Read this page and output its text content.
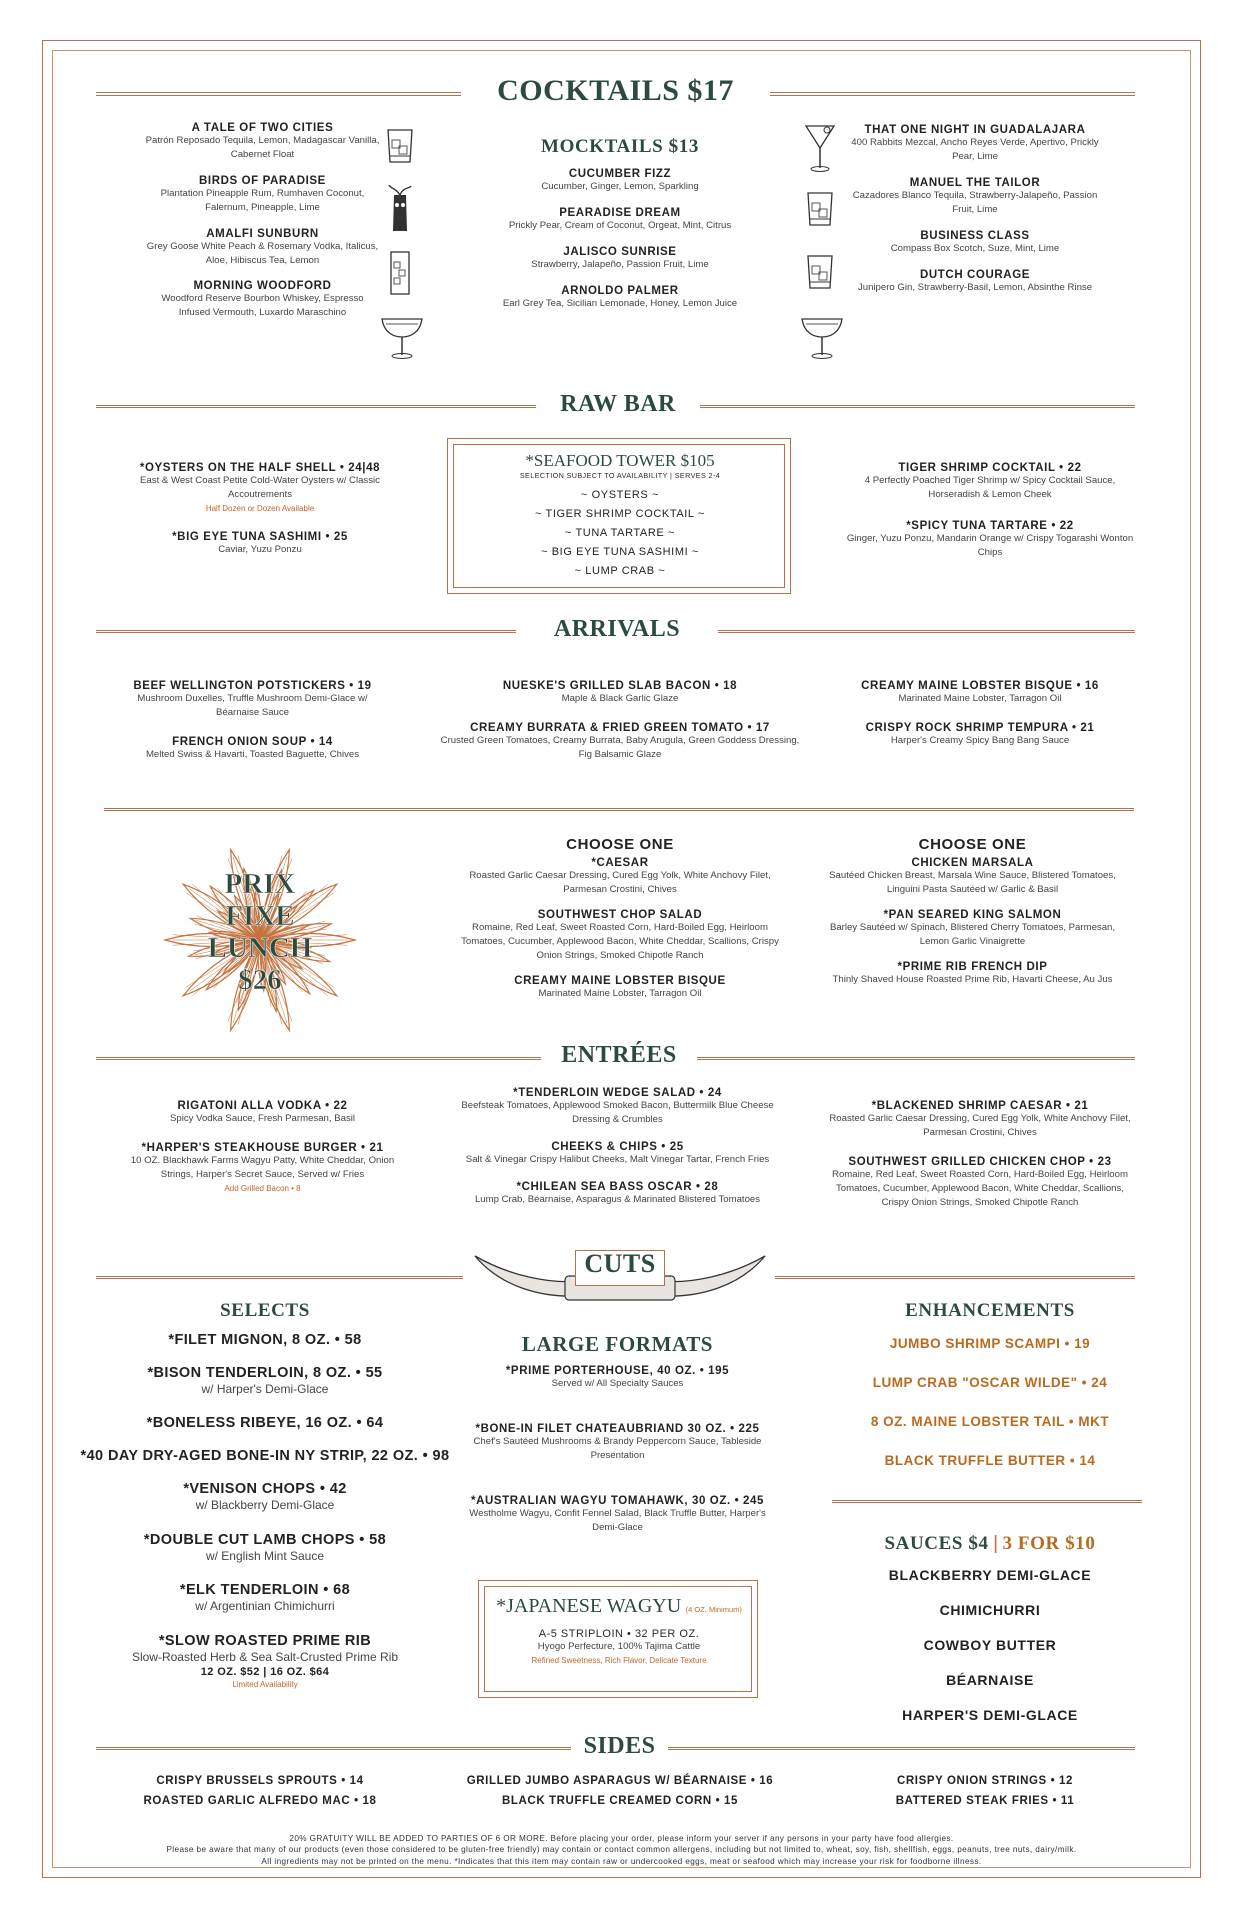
COCKTAILS $17
A TALE OF TWO CITIES
Patrón Reposado Tequila, Lemon, Madagascar Vanilla, Cabernet Float
BIRDS OF PARADISE
Plantation Pineapple Rum, Rumhaven Coconut, Falernum, Pineapple, Lime
AMALFI SUNBURN
Grey Goose White Peach & Rosemary Vodka, Italicus, Aloe, Hibiscus Tea, Lemon
MORNING WOODFORD
Woodford Reserve Bourbon Whiskey, Espresso Infused Vermouth, Luxardo Maraschino
MOCKTAILS $13
CUCUMBER FIZZ
Cucumber, Ginger, Lemon, Sparkling
PEARADISE DREAM
Prickly Pear, Cream of Coconut, Orgeat, Mint, Citrus
JALISCO SUNRISE
Strawberry, Jalapeño, Passion Fruit, Lime
ARNOLDO PALMER
Earl Grey Tea, Sicilian Lemonade, Honey, Lemon Juice
THAT ONE NIGHT IN GUADALAJARA
400 Rabbits Mezcal, Ancho Reyes Verde, Apertivo, Prickly Pear, Lime
MANUEL THE TAILOR
Cazadores Blanco Tequila, Strawberry-Jalapeño, Passion Fruit, Lime
BUSINESS CLASS
Compass Box Scotch, Suze, Mint, Lime
DUTCH COURAGE
Junipero Gin, Strawberry-Basil, Lemon, Absinthe Rinse
RAW BAR
*OYSTERS ON THE HALF SHELL • 24|48
East & West Coast Petite Cold-Water Oysters w/ Classic Accoutrements
Half Dozen or Dozen Available
*BIG EYE TUNA SASHIMI • 25
Caviar, Yuzu Ponzu
*SEAFOOD TOWER $105
SELECTION SUBJECT TO AVAILABILITY | SERVES 2-4
~ OYSTERS ~
~ TIGER SHRIMP COCKTAIL ~
~ TUNA TARTARE ~
~ BIG EYE TUNA SASHIMI ~
~ LUMP CRAB ~
TIGER SHRIMP COCKTAIL • 22
4 Perfectly Poached Tiger Shrimp w/ Spicy Cocktail Sauce, Horseradish & Lemon Cheek
*SPICY TUNA TARTARE • 22
Ginger, Yuzu Ponzu, Mandarin Orange w/ Crispy Togarashi Wonton Chips
ARRIVALS
BEEF WELLINGTON POTSTICKERS • 19
Mushroom Duxelles, Truffle Mushroom Demi-Glace w/ Béarnaise Sauce
FRENCH ONION SOUP • 14
Melted Swiss & Havarti, Toasted Baguette, Chives
NUESKE'S GRILLED SLAB BACON • 18
Maple & Black Garlic Glaze
CREAMY BURRATA & FRIED GREEN TOMATO • 17
Crusted Green Tomatoes, Creamy Burrata, Baby Arugula, Green Goddess Dressing, Fig Balsamic Glaze
CREAMY MAINE LOBSTER BISQUE • 16
Marinated Maine Lobster, Tarragon Oil
CRISPY ROCK SHRIMP TEMPURA • 21
Harper's Creamy Spicy Bang Bang Sauce
PRIX
FIXE
LUNCH
$26
CHOOSE ONE
*CAESAR
Roasted Garlic Caesar Dressing, Cured Egg Yolk, White Anchovy Filet, Parmesan Crostini, Chives
SOUTHWEST CHOP SALAD
Romaine, Red Leaf, Sweet Roasted Corn, Hard-Boiled Egg, Heirloom Tomatoes, Cucumber, Applewood Bacon, White Cheddar, Scallions, Crispy Onion Strings, Smoked Chipotle Ranch
CREAMY MAINE LOBSTER BISQUE
Marinated Maine Lobster, Tarragon Oil
CHOOSE ONE
CHICKEN MARSALA
Sautéed Chicken Breast, Marsala Wine Sauce, Blistered Tomatoes, Linguini Pasta Sautéed w/ Garlic & Basil
*PAN SEARED KING SALMON
Barley Sautéed w/ Spinach, Blistered Cherry Tomatoes, Parmesan, Lemon Garlic Vinaigrette
*PRIME RIB FRENCH DIP
Thinly Shaved House Roasted Prime Rib, Havarti Cheese, Au Jus
ENTRÉES
RIGATONI ALLA VODKA • 22
Spicy Vodka Sauce, Fresh Parmesan, Basil
*HARPER'S STEAKHOUSE BURGER • 21
10 OZ. Blackhawk Farms Wagyu Patty, White Cheddar, Onion Strings, Harper's Secret Sauce, Served w/ Fries
Add Grilled Bacon • 8
*TENDERLOIN WEDGE SALAD • 24
Beefsteak Tomatoes, Applewood Smoked Bacon, Buttermilk Blue Cheese Dressing & Crumbles
CHEEKS & CHIPS • 25
Salt & Vinegar Crispy Halibut Cheeks, Malt Vinegar Tartar, French Fries
*CHILEAN SEA BASS OSCAR • 28
Lump Crab, Béarnaise, Asparagus & Marinated Blistered Tomatoes
*BLACKENED SHRIMP CAESAR • 21
Roasted Garlic Caesar Dressing, Cured Egg Yolk, White Anchovy Filet, Parmesan Crostini, Chives
SOUTHWEST GRILLED CHICKEN CHOP • 23
Romaine, Red Leaf, Sweet Roasted Corn, Hard-Boiled Egg, Heirloom Tomatoes, Cucumber, Applewood Bacon, White Cheddar, Scallions, Crispy Onion Strings, Smoked Chipotle Ranch
CUTS
SELECTS
*FILET MIGNON, 8 OZ. • 58
*BISON TENDERLOIN, 8 OZ. • 55
w/ Harper's Demi-Glace
*BONELESS RIBEYE, 16 OZ. • 64
*40 DAY DRY-AGED BONE-IN NY STRIP, 22 OZ. • 98
*VENISON CHOPS • 42
w/ Blackberry Demi-Glace
*DOUBLE CUT LAMB CHOPS • 58
w/ English Mint Sauce
*ELK TENDERLOIN • 68
w/ Argentinian Chimichurri
*SLOW ROASTED PRIME RIB
Slow-Roasted Herb & Sea Salt-Crusted Prime Rib
12 OZ. $52 | 16 OZ. $64
Limited Availability
LARGE FORMATS
*PRIME PORTERHOUSE, 40 OZ. • 195
Served w/ All Specialty Sauces
*BONE-IN FILET CHATEAUBRIAND 30 OZ. • 225
Chef's Sautéed Mushrooms & Brandy Peppercorn Sauce, Tableside Presentation
*AUSTRALIAN WAGYU TOMAHAWK, 30 OZ. • 245
Westholme Wagyu, Confit Fennel Salad, Black Truffle Butter, Harper's Demi-Glace
*JAPANESE WAGYU (4 OZ. Minimum)
A-5 STRIPLOIN • 32 PER OZ.
Hyogo Perfecture, 100% Tajima Cattle
Refined Sweetness, Rich Flavor, Delicate Texture
ENHANCEMENTS
JUMBO SHRIMP SCAMPI • 19
LUMP CRAB "OSCAR WILDE" • 24
8 OZ. MAINE LOBSTER TAIL • MKT
BLACK TRUFFLE BUTTER • 14
SAUCES $4 | 3 FOR $10
BLACKBERRY DEMI-GLACE
CHIMICHURRI
COWBOY BUTTER
BÉARNAISE
HARPER'S DEMI-GLACE
SIDES
CRISPY BRUSSELS SPROUTS • 14
ROASTED GARLIC ALFREDO MAC • 18
GRILLED JUMBO ASPARAGUS W/ BÉARNAISE • 16
BLACK TRUFFLE CREAMED CORN • 15
CRISPY ONION STRINGS • 12
BATTERED STEAK FRIES • 11
20% GRATUITY WILL BE ADDED TO PARTIES OF 6 OR MORE. Before placing your order, please inform your server if any persons in your party have food allergies.
Please be aware that many of our products (even those considered to be gluten-free friendly) may contain or contact common allergens, including but not limited to, wheat, soy, fish, shellfish, eggs, peanuts, tree nuts, dairy/milk.
All ingredients may not be printed on the menu. *Indicates that this item may contain raw or undercooked eggs, meat or seafood which may increase your risk for foodborne illness.
